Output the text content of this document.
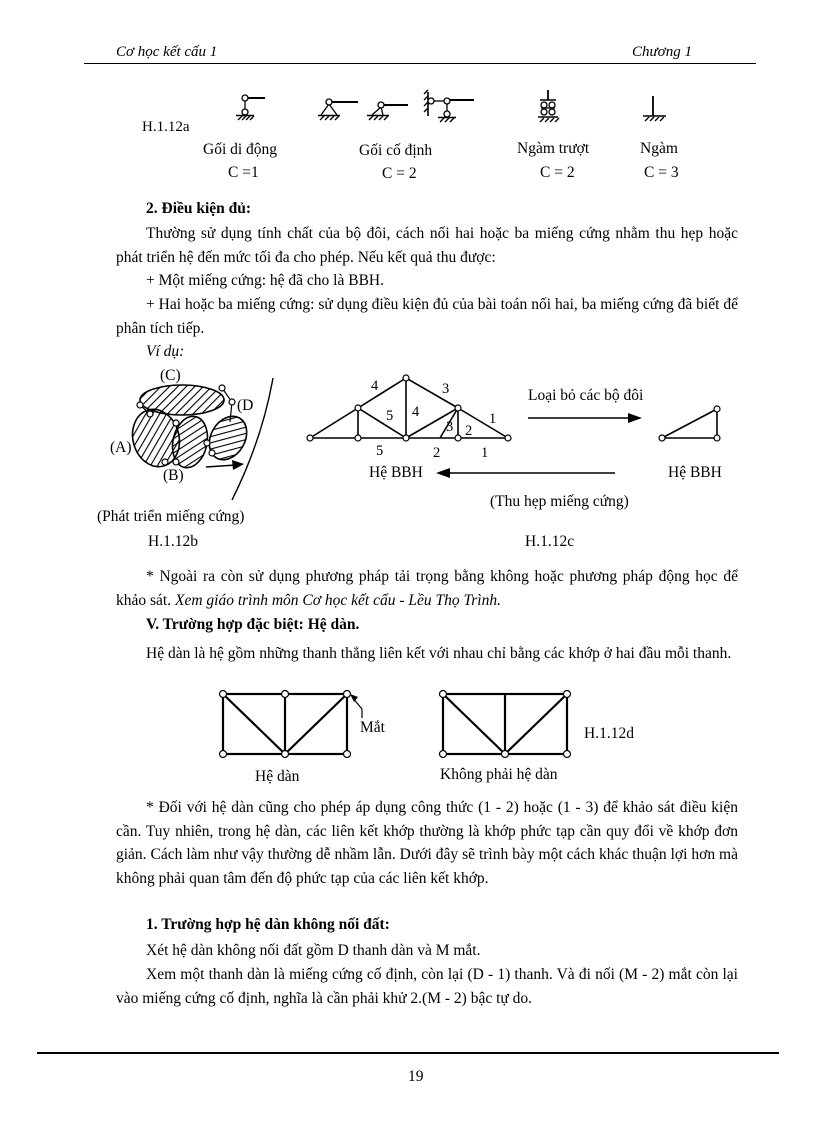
Cơ học kết cấu 1	Chương 1
H.1.12a
Gối di động
C =1
Gối cố định
C = 2
Ngàm trượt
C = 2
Ngàm
C = 3
2. Điều kiện đủ:
Thường sử dụng tính chất của bộ đôi, cách nối hai hoặc ba miếng cứng nhằm thu hẹp hoặc phát triển hệ đến mức tối đa cho phép. Nếu kết quả thu được:
+ Một miếng cứng: hệ đã cho là BBH.
+ Hai hoặc ba miếng cứng: sử dụng điều kiện đủ của bài toán nối hai, ba miếng cứng đã biết để phân tích tiếp.
Ví dụ:
(C)
(D
(A)
(B)
4	3
5 4	1
3 2
5	2	1
Loại bỏ các bộ đôi
Hệ BBH	Hệ BBH
(Thu hẹp miếng cứng)
(Phát triển miếng cứng)
H.1.12b	H.1.12c
* Ngoài ra còn sử dụng phương pháp tải trọng bằng không hoặc phương pháp động học để khảo sát. Xem giáo trình môn Cơ học kết cấu - Lều Thọ Trình.
V. Trường hợp đặc biệt: Hệ dàn.
Hệ dàn là hệ gồm những thanh thẳng liên kết với nhau chỉ bằng các khớp ở hai đầu mỗi thanh.
Mắt	H.1.12d
Hệ dàn	Không phải hệ dàn
* Đối với hệ dàn cũng cho phép áp dụng công thức (1 - 2) hoặc (1 - 3) để khảo sát điều kiện cần. Tuy nhiên, trong hệ dàn, các liên kết khớp thường là khớp phức tạp cần quy đổi về khớp đơn giản. Cách làm như vậy thường dễ nhầm lẫn. Dưới đây sẽ trình bày một cách khác thuận lợi hơn mà không phải quan tâm đến độ phức tạp của các liên kết khớp.
1. Trường hợp hệ dàn không nối đất:
Xét hệ dàn không nối đất gồm D thanh dàn và M mắt.
Xem một thanh dàn là miếng cứng cố định, còn lại (D - 1) thanh. Và đi nối (M - 2) mắt còn lại vào miếng cứng cố định, nghĩa là cần phải khử 2.(M - 2) bậc tự do.
19
